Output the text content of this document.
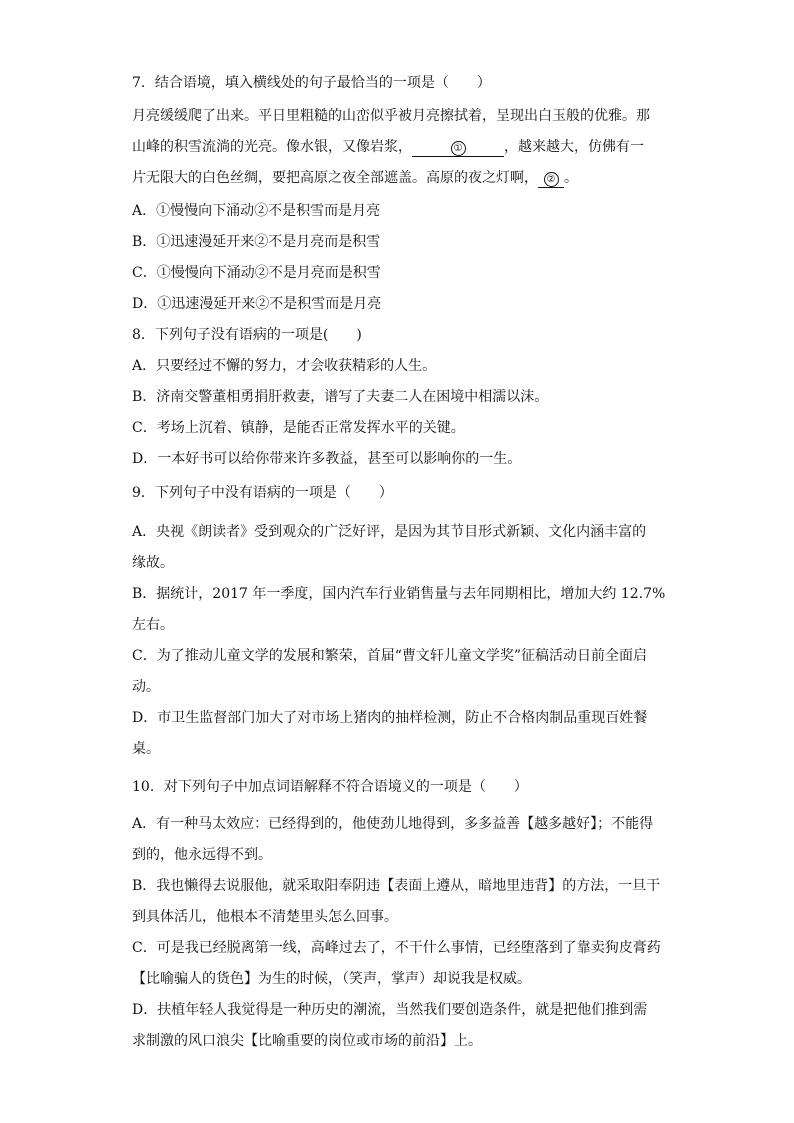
7．结合语境，填入横线处的句子最恰当的一项是（　　）
月亮缓缓爬了出来。平日里粗糙的山峦似乎被月亮擦拭着，呈现出白玉般的优雅。那
山峰的积雪流淌的光亮。像水银，又像岩浆，	①	，越来越大，仿佛有一
片无限大的白色丝绸，要把高原之夜全部遮盖。高原的夜之灯啊， ② 。
A．①慢慢向下涌动②不是积雪而是月亮
B．①迅速漫延开来②不是月亮而是积雪
C．①慢慢向下涌动②不是月亮而是积雪
D．①迅速漫延开来②不是积雪而是月亮
8．下列句子没有语病的一项是(　　)
A．只要经过不懈的努力，才会收获精彩的人生。
B．济南交警董相勇捐肝救妻，谱写了夫妻二人在困境中相濡以沫。
C．考场上沉着、镇静，是能否正常发挥水平的关键。
D．一本好书可以给你带来许多教益，甚至可以影响你的一生。
9．下列句子中没有语病的一项是（　　）
A．央视《朗读者》受到观众的广泛好评，是因为其节目形式新颖、文化内涵丰富的
缘故。
B．据统计，2017 年一季度，国内汽车行业销售量与去年同期相比，增加大约 12.7%
左右。
C．为了推动儿童文学的发展和繁荣，首届“曹文轩儿童文学奖”征稿活动日前全面启
动。
D．市卫生监督部门加大了对市场上猪肉的抽样检测，防止不合格肉制品重现百姓餐
桌。
10．对下列句子中加点词语解释不符合语境义的一项是（　　）
A．有一种马太效应：已经得到的，他使劲儿地得到，多多益善【越多越好】；不能得
到的，他永远得不到。
B．我也懒得去说服他，就采取阳奉阴违【表面上遵从，暗地里违背】的方法，一旦干
到具体活儿，他根本不清楚里头怎么回事。
C．可是我已经脱离第一线，高峰过去了，不干什么事情，已经堕落到了靠卖狗皮膏药
【比喻骗人的货色】为生的时候，（笑声，掌声）却说我是权威。
D．扶植年轻人我觉得是一种历史的潮流，当然我们要创造条件，就是把他们推到需
求制激的风口浪尖【比喻重要的岗位或市场的前沿】上。
